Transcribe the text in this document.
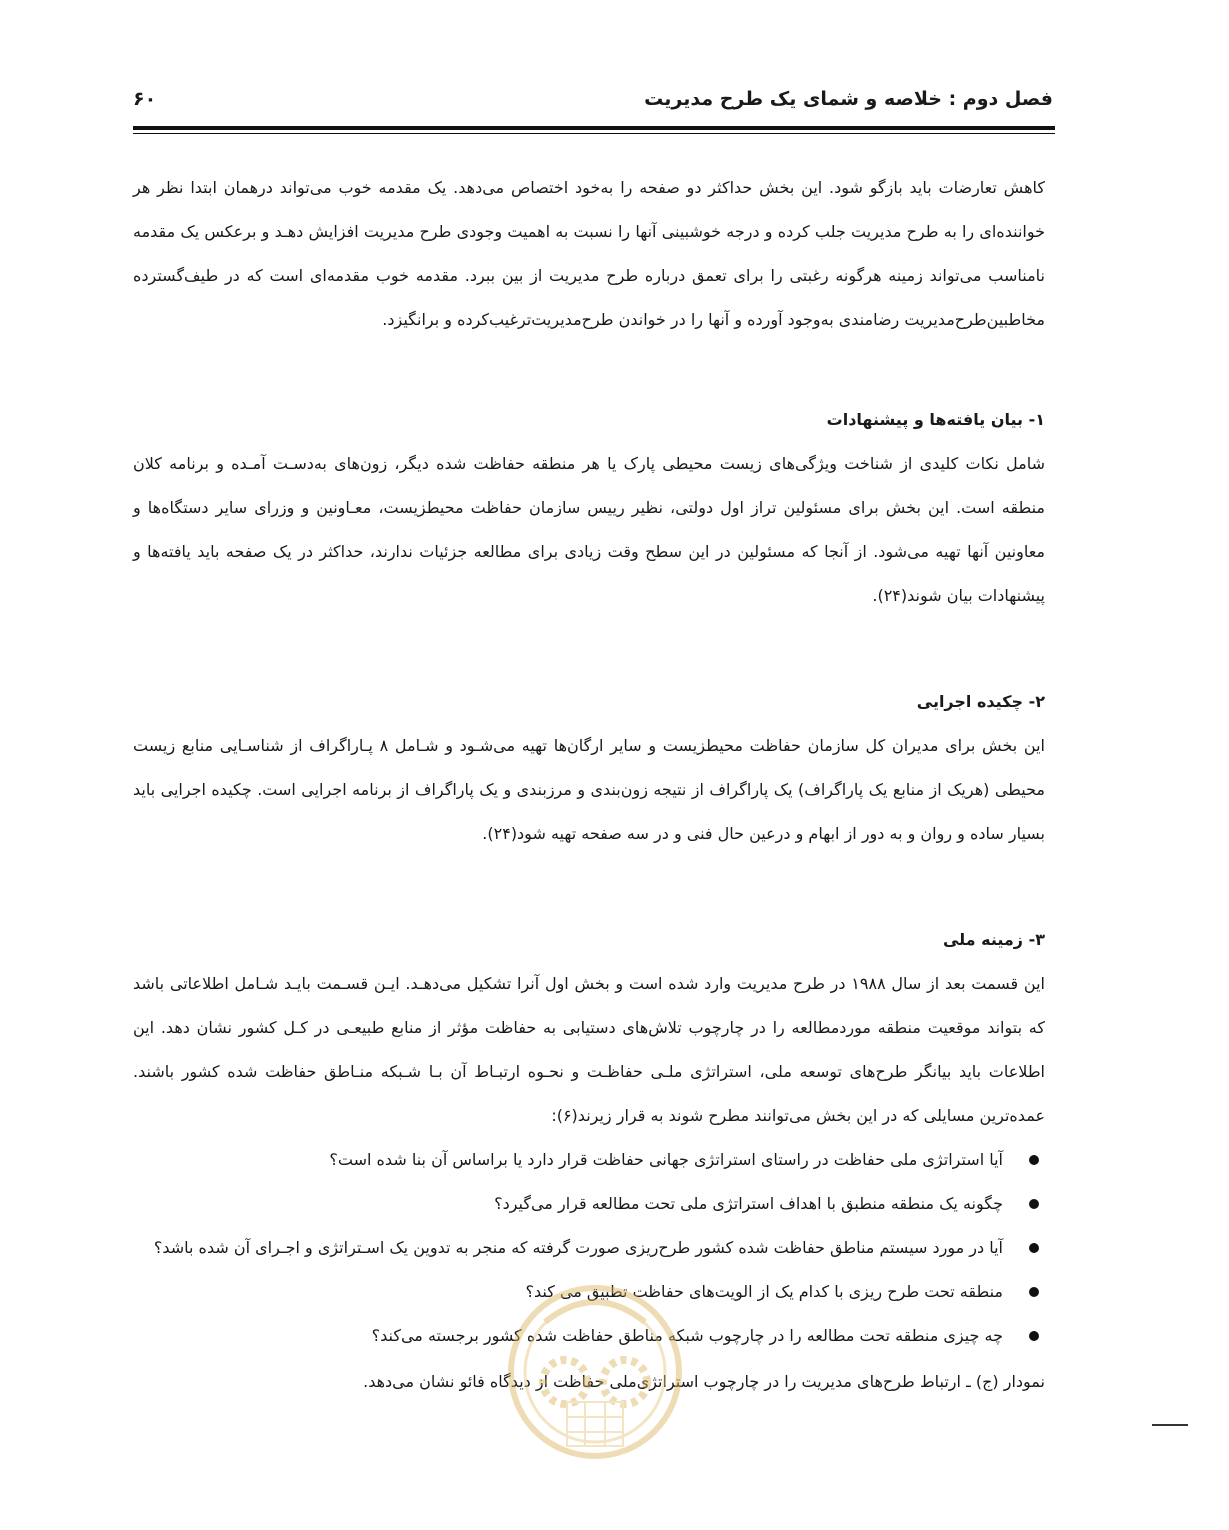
فصل دوم : خلاصه و شمای یک طرح مدیریت
۶۰

کاهش تعارضات باید بازگو شود. این بخش حداکثر دو صفحه را به‌خود اختصاص می‌دهد. یک مقدمه خوب می‌تواند درهمان ابتدا نظر هر خواننده‌ای را به طرح مدیریت جلب کرده و درجه خوشبینی آنها را نسبت به اهمیت وجودی طرح مدیریت افزایش دهـد و برعکس یک مقدمه نامناسب می‌تواند زمینه هرگونه رغبتی را برای تعمق درباره طرح مدیریت از بین ببرد. مقدمه خوب مقدمه‌ای است که در طیف‌گسترده مخاطبین‌طرح‌مدیریت رضامندی به‌وجود آورده و آنها را در خواندن طرح‌مدیریت‌ترغیب‌کرده و برانگیزد.

۱- بیان یافته‌ها و پیشنهادات

شامل نکات کلیدی از شناخت ویژگی‌های زیست محیطی پارک یا هر منطقه حفاظت شده دیگر، زون‌های به‌دسـت آمـده و برنامه کلان منطقه است. این بخش برای مسئولین تراز اول دولتی، نظیر رییس سازمان حفاظت محیطزیست، معـاونین و وزرای سایر دستگاه‌ها و معاونین آنها تهیه می‌شود. از آنجا که مسئولین در این سطح وقت زیادی برای مطالعه جزئیات ندارند، حداکثر در یک صفحه باید یافته‌ها و پیشنهادات بیان شوند(۲۴).

۲- چکیده اجرایی

این بخش برای مدیران کل سازمان حفاظت محیطزیست و سایر ارگان‌ها تهیه می‌شـود و شـامل ۸ پـاراگراف از شناسـایی منابع زیست محیطی (هریک از منابع یک پاراگراف) یک پاراگراف از نتیجه زون‌بندی و مرزبندی و یک پاراگراف از برنامه اجرایی است. چکیده اجرایی باید بسیار ساده و روان و به دور از ابهام و درعین حال فنی و در سه صفحه تهیه شود(۲۴).

۳- زمینه ملی

این قسمت بعد از سال ۱۹۸۸ در طرح مدیریت وارد شده است و بخش اول آنرا تشکیل می‌دهـد. ایـن قسـمت بایـد شـامل اطلاعاتی باشد که بتواند موقعیت منطقه موردمطالعه را در چارچوب تلاش‌های دستیابی به حفاظت مؤثر از منابع طبیعـی در کـل کشور نشان دهد. این اطلاعات باید بیانگر طرح‌های توسعه ملی، استراتژی ملـی حفاظـت و نحـوه ارتبـاط آن بـا شـبکه منـاطق حفاظت شده کشور باشند. عمده‌ترین مسایلی که در این بخش می‌توانند مطرح شوند به قرار زیرند(۶):

آیا استراتژی ملی حفاظت در راستای استراتژی جهانی حفاظت قرار دارد یا براساس آن بنا شده است؟
چگونه یک منطقه منطبق با اهداف استراتژی ملی تحت مطالعه قرار می‌گیرد؟
آیا در مورد سیستم مناطق حفاظت شده کشور طرح‌ریزی صورت گرفته که منجر به تدوین یک اسـتراتژی و اجـرای آن شده باشد؟
منطقه تحت طرح ریزی با کدام یک از الویت‌های حفاظت تطبیق می کند؟
چه چیزی منطقه تحت مطالعه را در چارچوب شبکه مناطق حفاظت شده کشور برجسته می‌کند؟

نمودار (ج) ـ ارتباط طرح‌های مدیریت را در چارچوب استراتژی‌ملی حفاظت از دیدگاه فائو نشان می‌دهد.
